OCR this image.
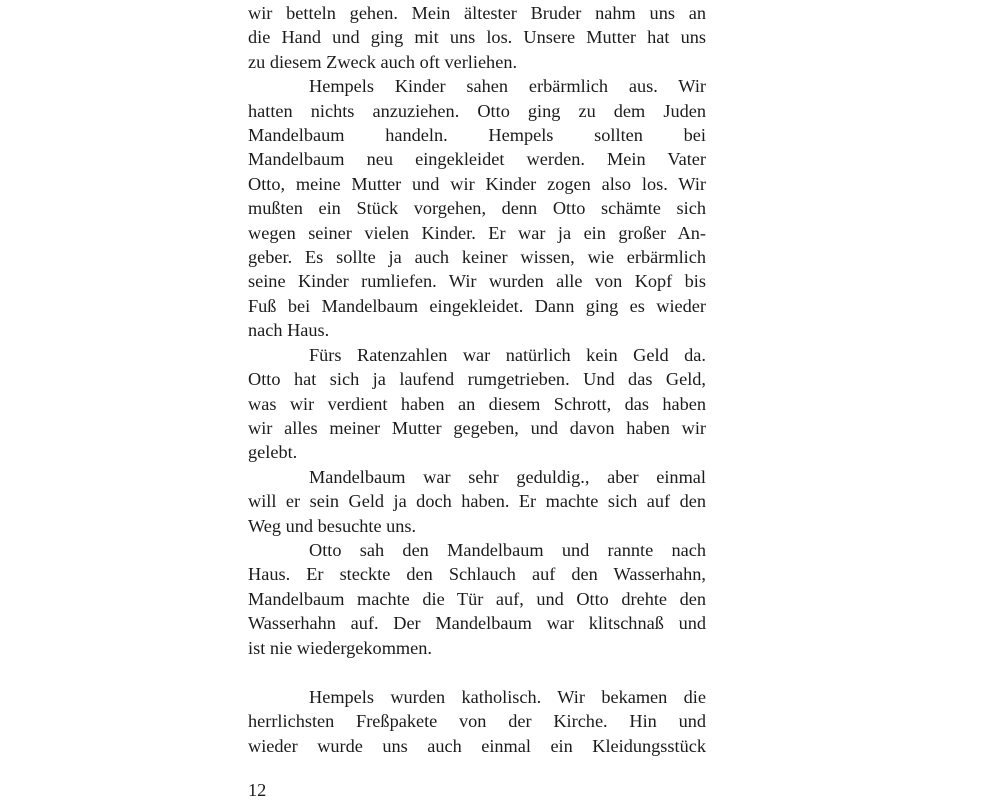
wir betteln gehen. Mein ältester Bruder nahm uns an
die Hand und ging mit uns los. Unsere Mutter hat uns
zu diesem Zweck auch oft verliehen.

Hempels Kinder sahen erbärmlich aus. Wir
hatten nichts anzuziehen. Otto ging zu dem Juden
Mandelbaum handeln. Hempels sollten bei
Mandelbaum neu eingekleidet werden. Mein Vater
Otto, meine Mutter und wir Kinder zogen also los. Wir
mußten ein Stück vorgehen, denn Otto schämte sich
wegen seiner vielen Kinder. Er war ja ein großer An-
geber. Es sollte ja auch keiner wissen, wie erbärmlich
seine Kinder rumliefen. Wir wurden alle von Kopf bis
Fuß bei Mandelbaum eingekleidet. Dann ging es wieder
nach Haus.

Fürs Ratenzahlen war natürlich kein Geld da.
Otto hat sich ja laufend rumgetrieben. Und das Geld,
was wir verdient haben an diesem Schrott, das haben
wir alles meiner Mutter gegeben, und davon haben wir
gelebt.

Mandelbaum war sehr geduldig., aber einmal
will er sein Geld ja doch haben. Er machte sich auf den
Weg und besuchte uns.

Otto sah den Mandelbaum und rannte nach
Haus. Er steckte den Schlauch auf den Wasserhahn,
Mandelbaum machte die Tür auf, und Otto drehte den
Wasserhahn auf. Der Mandelbaum war klitschnaß und
ist nie wiedergekommen.

Hempels wurden katholisch. Wir bekamen die
herrlichsten Freßpakete von der Kirche. Hin und
wieder wurde uns auch einmal ein Kleidungsstück

12
